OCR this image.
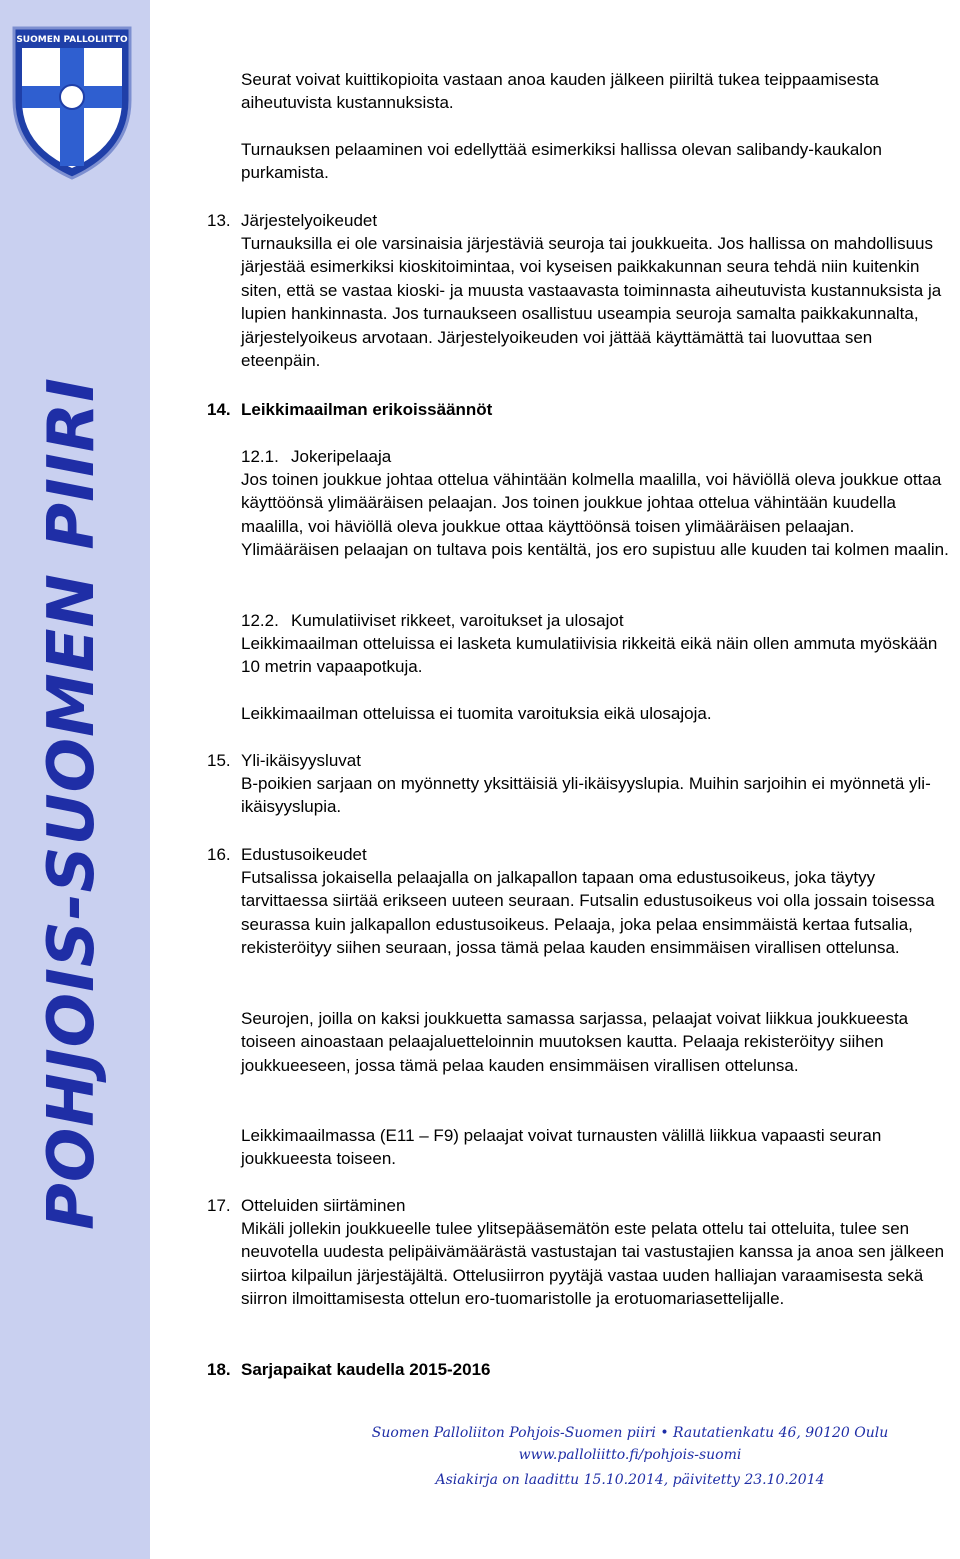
SUOMEN PALLOLIITTO
POHJOIS-SUOMEN PIIRI

Seurat voivat kuittikopioita vastaan anoa kauden jälkeen piiriltä tukea teippaamisesta aiheutuvista kustannuksista.

Turnauksen pelaaminen voi edellyttää esimerkiksi hallissa olevan salibandy-kaukalon purkamista.

13. Järjestelyoikeudet

Turnauksilla ei ole varsinaisia järjestäviä seuroja tai joukkueita. Jos hallissa on mahdollisuus järjestää esimerkiksi kioskitoimintaa, voi kyseisen paikkakunnan seura tehdä niin kuitenkin siten, että se vastaa kioski- ja muusta vastaavasta toiminnasta aiheutuvista kustannuksista ja lupien hankinnasta. Jos turnaukseen osallistuu useampia seuroja samalta paikkakunnalta, järjestelyoikeus arvotaan. Järjestelyoikeuden voi jättää käyttämättä tai luovuttaa sen eteenpäin.

14. Leikkimaailman erikoissäännöt
12.1. Jokeripelaaja

Jos toinen joukkue johtaa ottelua vähintään kolmella maalilla, voi häviöllä oleva joukkue ottaa käyttöönsä ylimääräisen pelaajan. Jos toinen joukkue johtaa ottelua vähintään kuudella maalilla, voi häviöllä oleva joukkue ottaa käyttöönsä toisen ylimääräisen pelaajan. Ylimääräisen pelaajan on tultava pois kentältä, jos ero supistuu alle kuuden tai kolmen maalin.

12.2. Kumulatiiviset rikkeet, varoitukset ja ulosajot

Leikkimaailman otteluissa ei lasketa kumulatiivisia rikkeitä eikä näin ollen ammuta myöskään 10 metrin vapaapotkuja.

Leikkimaailman otteluissa ei tuomita varoituksia eikä ulosajoja.

15. Yli-ikäisyysluvat

B-poikien sarjaan on myönnetty yksittäisiä yli-ikäisyyslupia. Muihin sarjoihin ei myönnetä yli-ikäisyyslupia.

16. Edustusoikeudet

Futsalissa jokaisella pelaajalla on jalkapallon tapaan oma edustusoikeus, joka täytyy tarvittaessa siirtää erikseen uuteen seuraan. Futsalin edustusoikeus voi olla jossain toisessa seurassa kuin jalkapallon edustusoikeus. Pelaaja, joka pelaa ensimmäistä kertaa futsalia, rekisteröityy siihen seuraan, jossa tämä pelaa kauden ensimmäisen virallisen ottelunsa.

Seurojen, joilla on kaksi joukkuetta samassa sarjassa, pelaajat voivat liikkua joukkueesta toiseen ainoastaan pelaajaluetteloinnin muutoksen kautta. Pelaaja rekisteröityy siihen joukkueeseen, jossa tämä pelaa kauden ensimmäisen virallisen ottelunsa.

Leikkimaailmassa (E11 – F9) pelaajat voivat turnausten välillä liikkua vapaasti seuran joukkueesta toiseen.

17. Otteluiden siirtäminen

Mikäli jollekin joukkueelle tulee ylitsepääsemätön este pelata ottelu tai otteluita, tulee sen neuvotella uudesta pelipäivämäärästä vastustajan tai vastustajien kanssa ja anoa sen jälkeen siirtoa kilpailun järjestäjältä. Ottelusiirron pyytäjä vastaa uuden halliajan varaamisesta sekä siirron ilmoittamisesta ottelun ero-tuomaristolle ja erotuomariasettelijalle.

18. Sarjapaikat kaudella 2015-2016
Suomen Palloliiton Pohjois-Suomen piiri • Rautatienkatu 46, 90120 Oulu
www.palloliitto.fi/pohjois-suomi
Asiakirja on laadittu 15.10.2014, päivitetty 23.10.2014
